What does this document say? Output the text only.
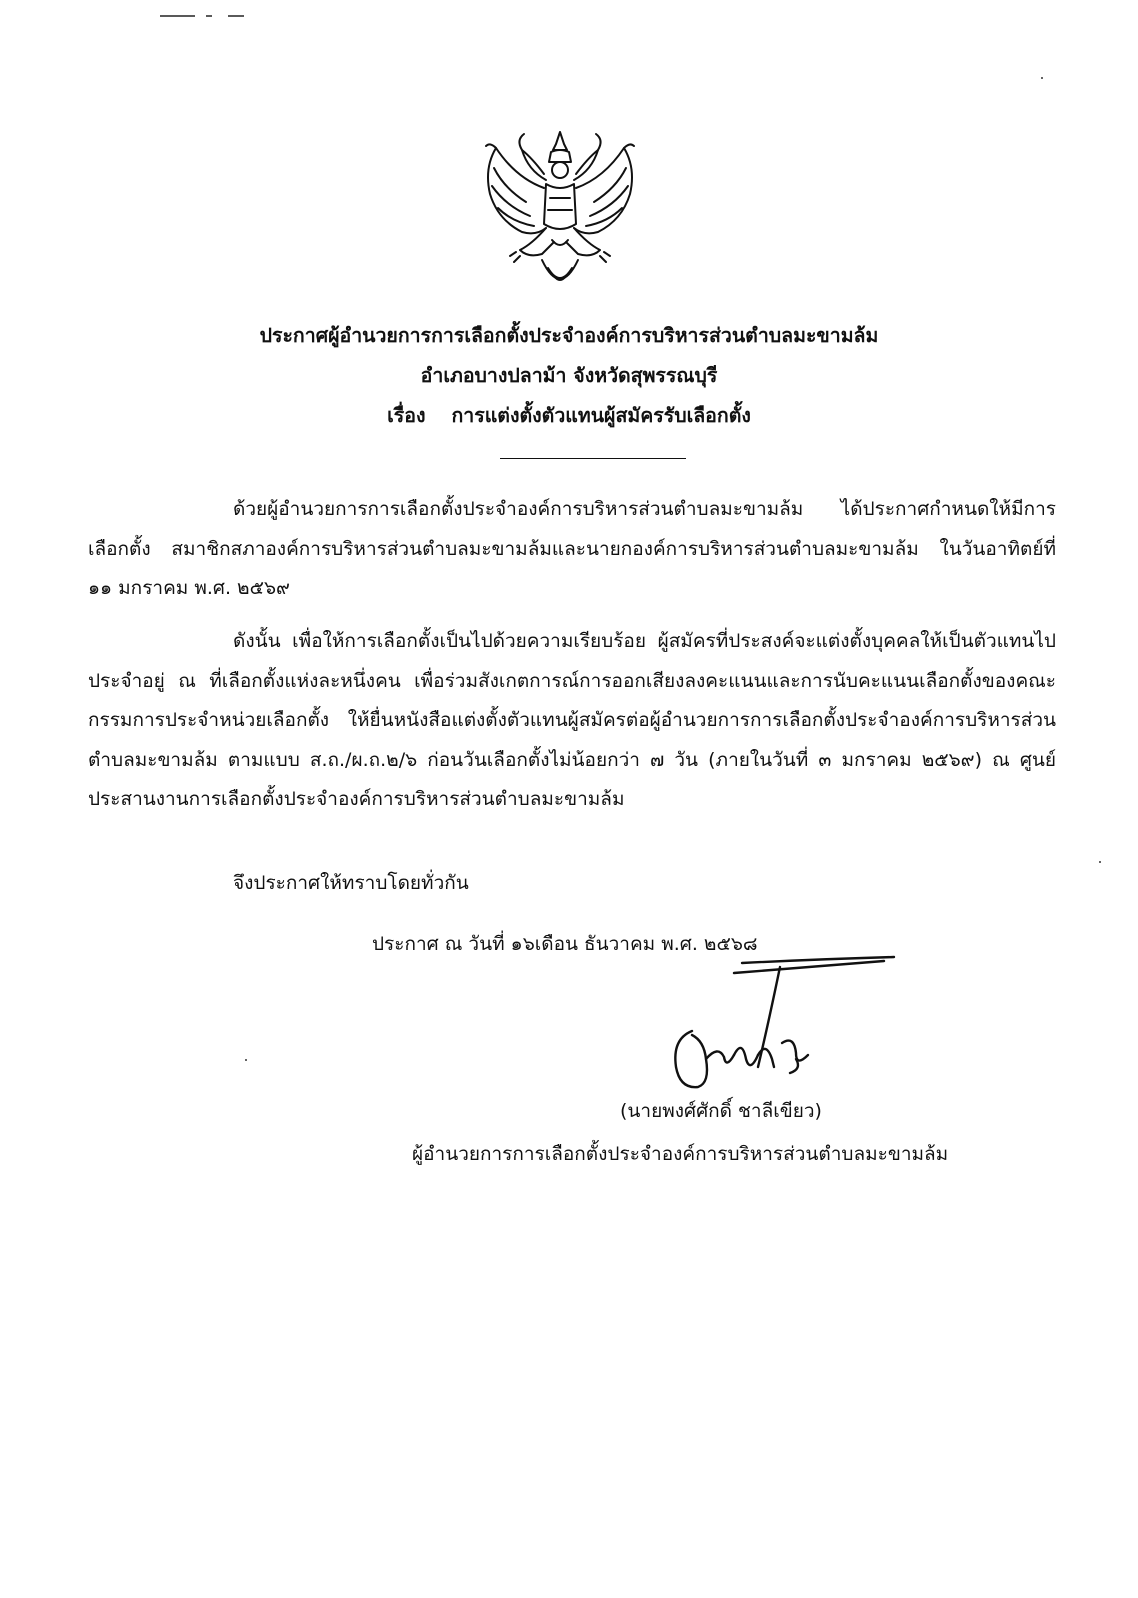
ประกาศผู้อำนวยการการเลือกตั้งประจำองค์การบริหารส่วนตำบลมะขามล้ม
อำเภอบางปลาม้า จังหวัดสุพรรณบุรี
เรื่อง การแต่งตั้งตัวแทนผู้สมัครรับเลือกตั้ง
ด้วยผู้อำนวยการการเลือกตั้งประจำองค์การบริหารส่วนตำบลมะขามล้ม ได้ประกาศกำหนดให้มีการเลือกตั้ง สมาชิกสภาองค์การบริหารส่วนตำบลมะขามล้มและนายกองค์การบริหารส่วนตำบลมะขามล้ม ในวันอาทิตย์ที่ ๑๑ มกราคม พ.ศ. ๒๕๖๙
ดังนั้น เพื่อให้การเลือกตั้งเป็นไปด้วยความเรียบร้อย ผู้สมัครที่ประสงค์จะแต่งตั้งบุคคลให้เป็นตัวแทนไปประจำอยู่ ณ ที่เลือกตั้งแห่งละหนึ่งคน เพื่อร่วมสังเกตการณ์การออกเสียงลงคะแนนและการนับคะแนนเลือกตั้งของคณะกรรมการประจำหน่วยเลือกตั้ง ให้ยื่นหนังสือแต่งตั้งตัวแทนผู้สมัครต่อผู้อำนวยการการเลือกตั้งประจำองค์การบริหารส่วนตำบลมะขามล้ม ตามแบบ ส.ถ./ผ.ถ.๒/๖ ก่อนวันเลือกตั้งไม่น้อยกว่า ๗ วัน (ภายในวันที่ ๓ มกราคม ๒๕๖๙) ณ ศูนย์ประสานงานการเลือกตั้งประจำองค์การบริหารส่วนตำบลมะขามล้ม
จึงประกาศให้ทราบโดยทั่วกัน
ประกาศ ณ วันที่ ๑๖เดือน ธันวาคม พ.ศ. ๒๕๖๘
(นายพงศ์ศักดิ์ ชาลีเขียว)
ผู้อำนวยการการเลือกตั้งประจำองค์การบริหารส่วนตำบลมะขามล้ม
